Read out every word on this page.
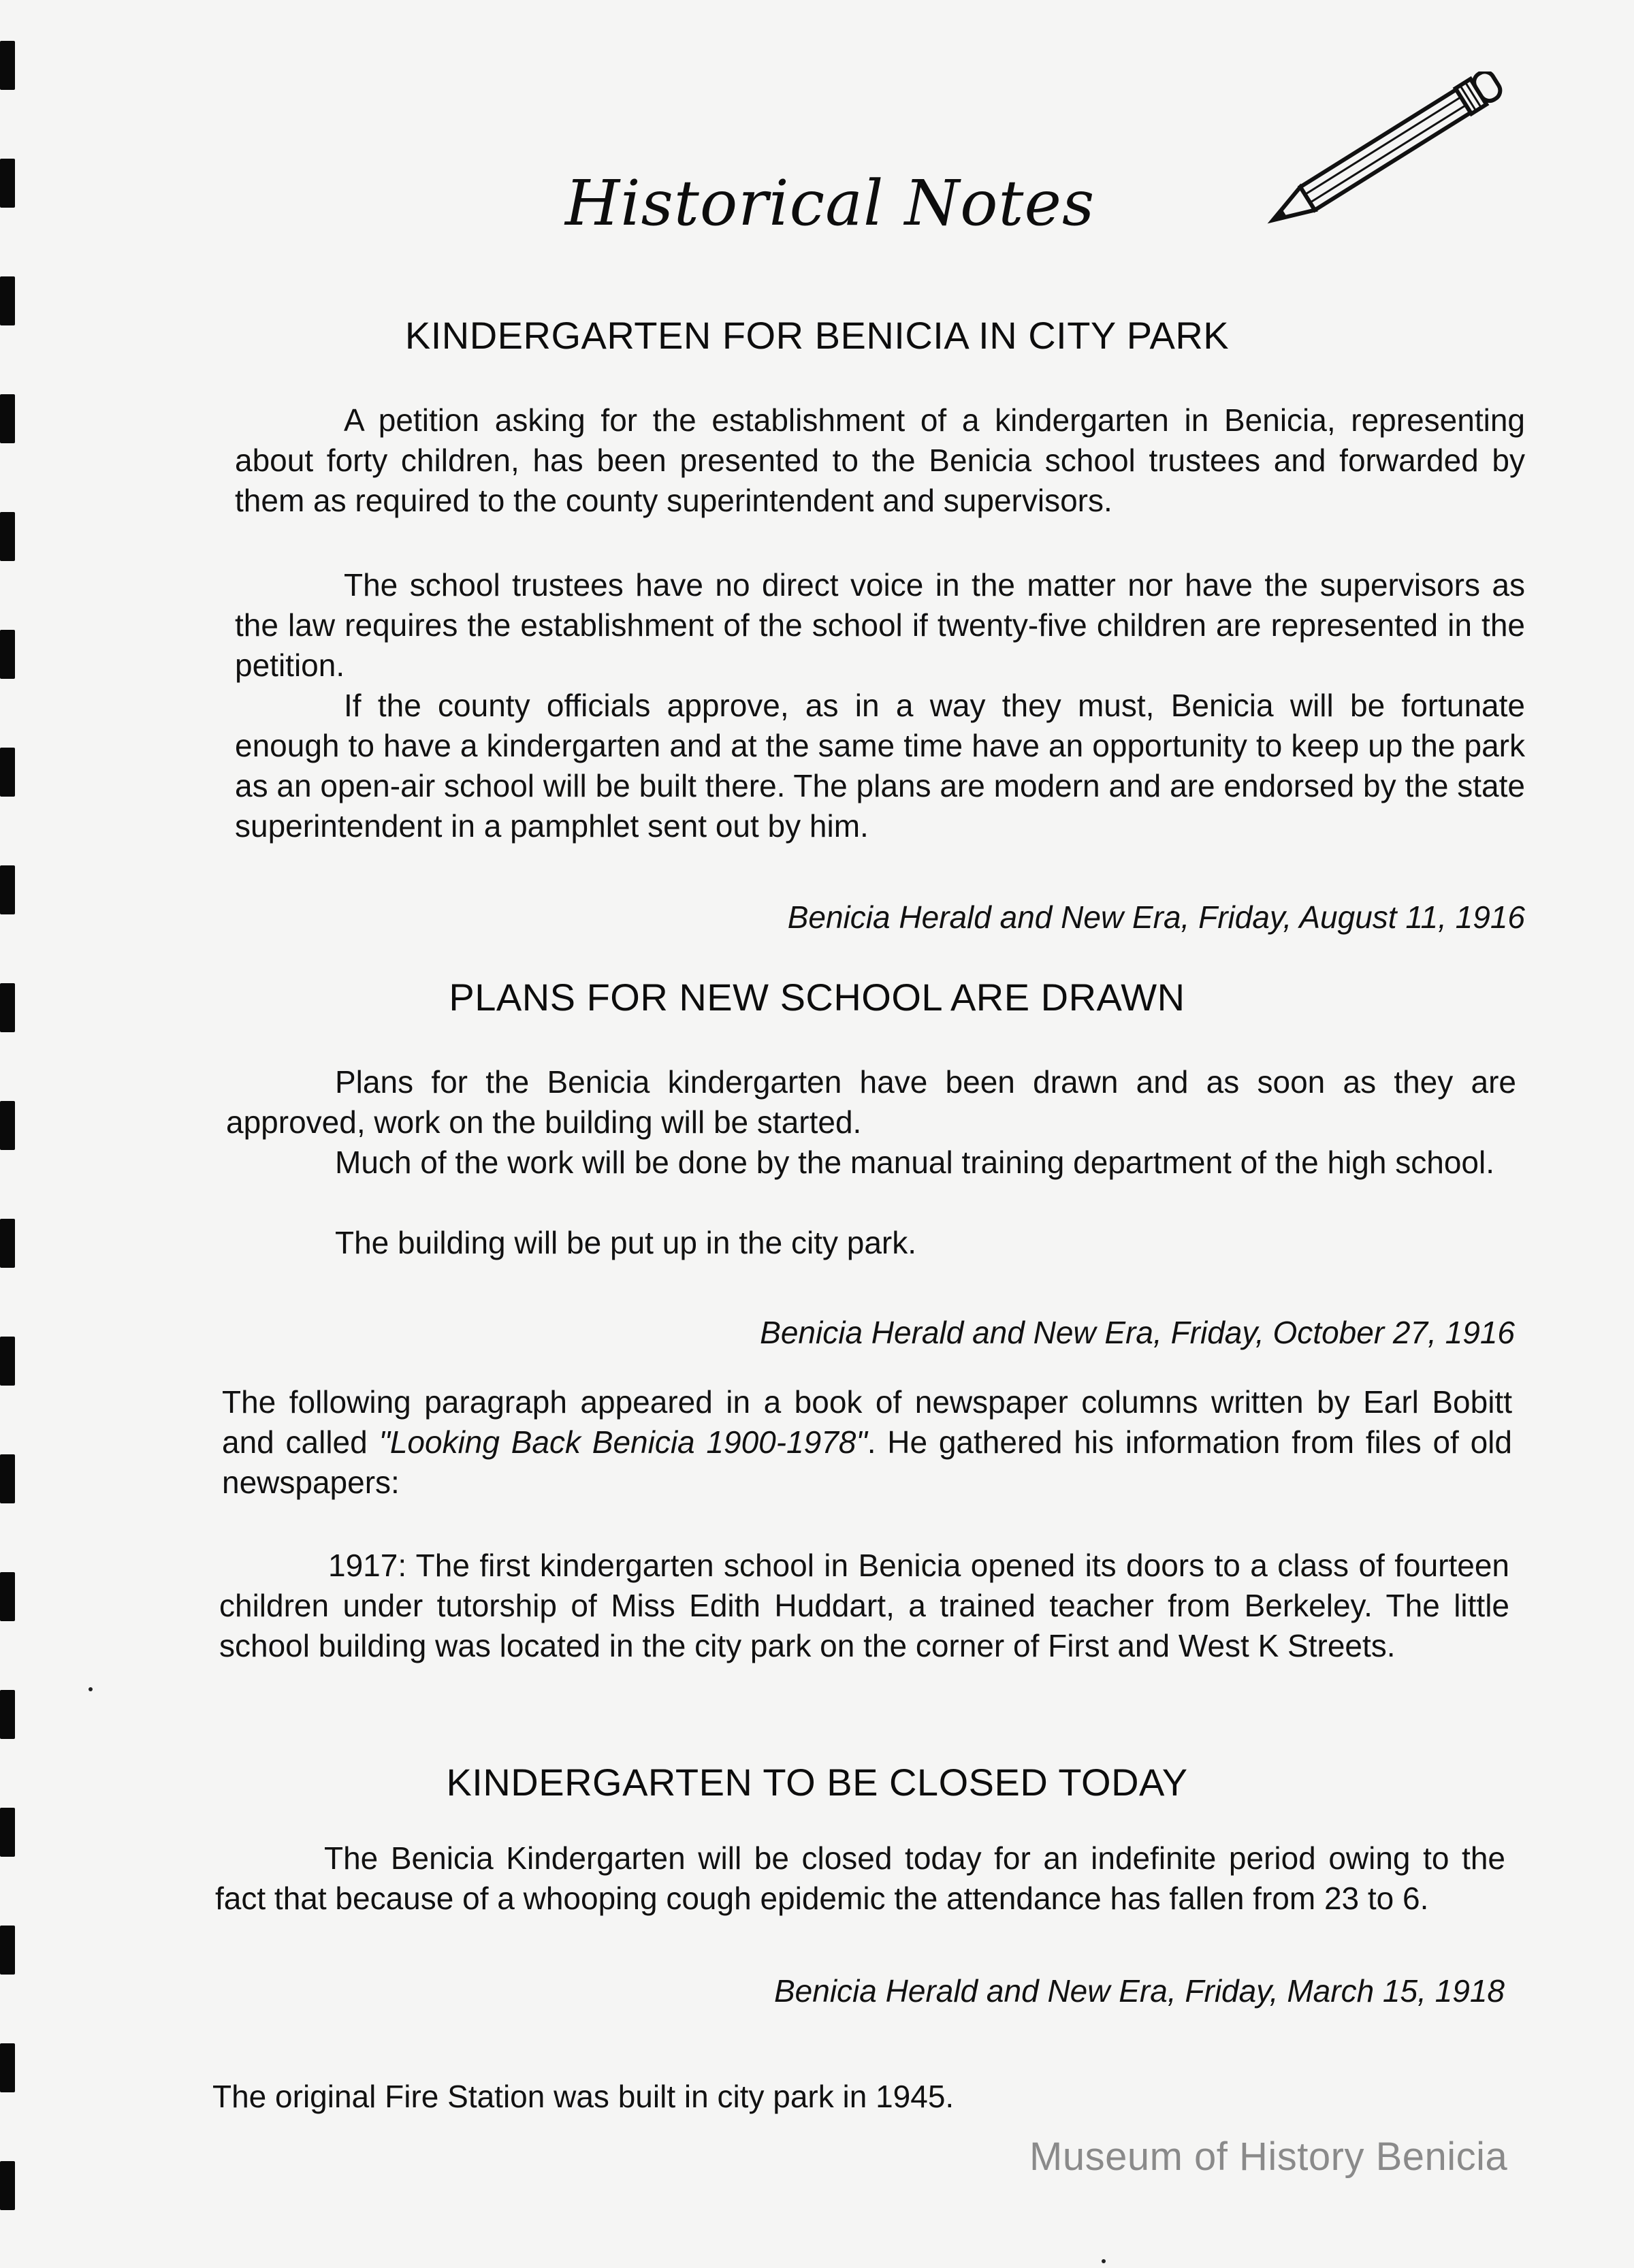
Historical Notes
KINDERGARTEN FOR BENICIA IN CITY PARK
A petition asking for the establishment of a kindergarten in Benicia, representing about forty children, has been presented to the Benicia school trustees and forwarded by them as required to the county superintendent and supervisors.
The school trustees have no direct voice in the matter nor have the supervisors as the law requires the establishment of the school if twenty-five children are represented in the petition.
If the county officials approve, as in a way they must, Benicia will be fortunate enough to have a kindergarten and at the same time have an opportunity to keep up the park as an open-air school will be built there. The plans are modern and are endorsed by the state superintendent in a pamphlet sent out by him.
Benicia Herald and New Era, Friday, August 11, 1916
PLANS FOR NEW SCHOOL ARE DRAWN
Plans for the Benicia kindergarten have been drawn and as soon as they are approved, work on the building will be started.
Much of the work will be done by the manual training department of the high school.
The building will be put up in the city park.
Benicia Herald and New Era, Friday, October 27, 1916
The following paragraph appeared in a book of newspaper columns written by Earl Bobitt and called "Looking Back Benicia 1900-1978". He gathered his information from files of old newspapers:
1917: The first kindergarten school in Benicia opened its doors to a class of fourteen children under tutorship of Miss Edith Huddart, a trained teacher from Berkeley. The little school building was located in the city park on the corner of First and West K Streets.
KINDERGARTEN TO BE CLOSED TODAY
The Benicia Kindergarten will be closed today for an indefinite period owing to the fact that because of a whooping cough epidemic the attendance has fallen from 23 to 6.
Benicia Herald and New Era, Friday, March 15, 1918
The original Fire Station was built in city park in 1945.
Museum of History Benicia
